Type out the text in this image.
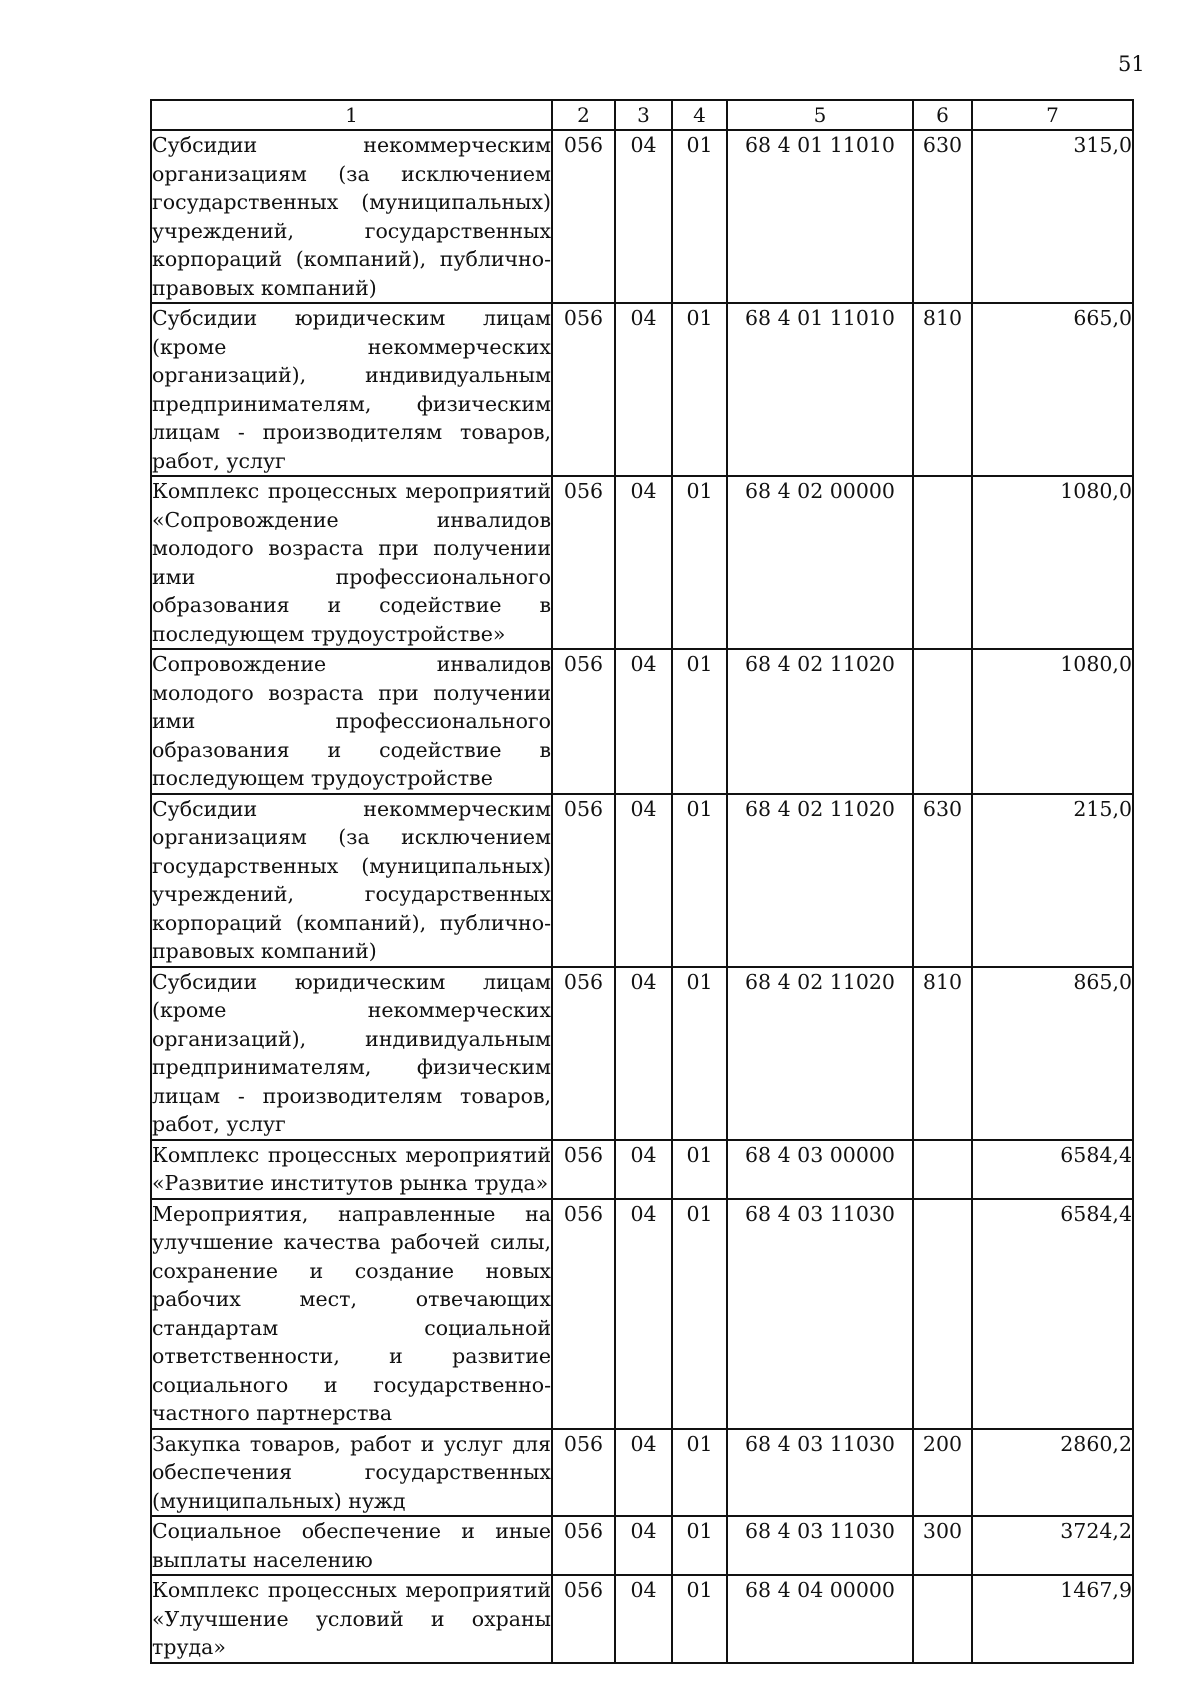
51
1	2	3	4	5	6	7
Субсидии некоммерческим организациям (за исключением государственных (муниципальных) учреждений, государственных корпораций (компаний), публично-правовых компаний)	056	04	01	68 4 01 11010	630	315,0
Субсидии юридическим лицам (кроме некоммерческих организаций), индивидуальным предпринимателям, физическим лицам - производителям товаров, работ, услуг	056	04	01	68 4 01 11010	810	665,0
Комплекс процессных мероприятий «Сопровождение инвалидов молодого возраста при получении ими профессионального образования и содействие в последующем трудоустройстве»	056	04	01	68 4 02 00000		1080,0
Сопровождение инвалидов молодого возраста при получении ими профессионального образования и содействие в последующем трудоустройстве	056	04	01	68 4 02 11020		1080,0
Субсидии некоммерческим организациям (за исключением государственных (муниципальных) учреждений, государственных корпораций (компаний), публично-правовых компаний)	056	04	01	68 4 02 11020	630	215,0
Субсидии юридическим лицам (кроме некоммерческих организаций), индивидуальным предпринимателям, физическим лицам - производителям товаров, работ, услуг	056	04	01	68 4 02 11020	810	865,0
Комплекс процессных мероприятий «Развитие институтов рынка труда»	056	04	01	68 4 03 00000		6584,4
Мероприятия, направленные на улучшение качества рабочей силы, сохранение и создание новых рабочих мест, отвечающих стандартам социальной ответственности, и развитие социального и государственно-частного партнерства	056	04	01	68 4 03 11030		6584,4
Закупка товаров, работ и услуг для обеспечения государственных (муниципальных) нужд	056	04	01	68 4 03 11030	200	2860,2
Социальное обеспечение и иные выплаты населению	056	04	01	68 4 03 11030	300	3724,2
Комплекс процессных мероприятий «Улучшение условий и охраны труда»	056	04	01	68 4 04 00000		1467,9
